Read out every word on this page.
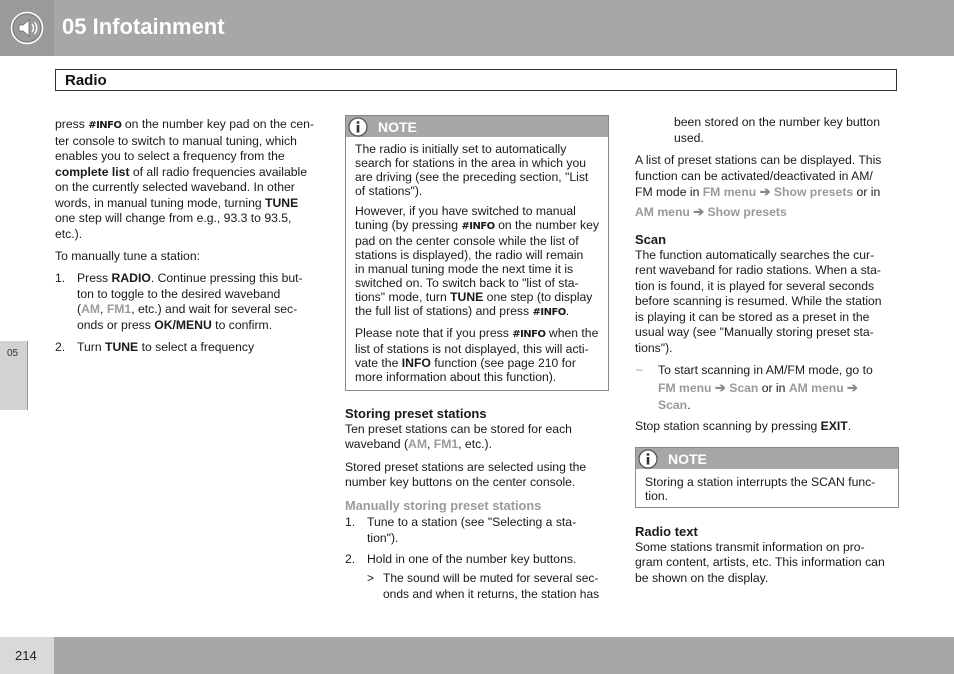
05 Infotainment
Radio
05

press #INFO on the number key pad on the cen-
ter console to switch to manual tuning, which
enables you to select a frequency from the
complete list of all radio frequencies available
on the currently selected waveband. In other
words, in manual tuning mode, turning TUNE
one step will change from e.g., 93.3 to 93.5,
etc.).

To manually tune a station:

1. Press RADIO. Continue pressing this but-
ton to toggle to the desired waveband
(AM, FM1, etc.) and wait for several sec-
onds or press OK/MENU to confirm.

2. Turn TUNE to select a frequency

NOTE

The radio is initially set to automatically
search for stations in the area in which you
are driving (see the preceding section, "List
of stations").

However, if you have switched to manual
tuning (by pressing #INFO on the number key
pad on the center console while the list of
stations is displayed), the radio will remain
in manual tuning mode the next time it is
switched on. To switch back to "list of sta-
tions" mode, turn TUNE one step (to display
the full list of stations) and press #INFO.

Please note that if you press #INFO when the
list of stations is not displayed, this will acti-
vate the INFO function (see page 210 for
more information about this function).

Storing preset stations

Ten preset stations can be stored for each
waveband (AM, FM1, etc.).

Stored preset stations are selected using the
number key buttons on the center console.

Manually storing preset stations

1. Tune to a station (see "Selecting a sta-
tion").

2. Hold in one of the number key buttons.

> The sound will be muted for several sec-
onds and when it returns, the station has

been stored on the number key button
used.

A list of preset stations can be displayed. This
function can be activated/deactivated in AM/
FM mode in FM menu ➔ Show presets or in

AM menu ➔ Show presets

Scan

The function automatically searches the cur-
rent waveband for radio stations. When a sta-
tion is found, it is played for several seconds
before scanning is resumed. While the station
is playing it can be stored as a preset in the
usual way (see "Manually storing preset sta-
tions").

– To start scanning in AM/FM mode, go to
FM menu ➔ Scan or in AM menu ➔
Scan.

Stop station scanning by pressing EXIT.

NOTE

Storing a station interrupts the SCAN func-
tion.

Radio text

Some stations transmit information on pro-
gram content, artists, etc. This information can
be shown on the display.

214
